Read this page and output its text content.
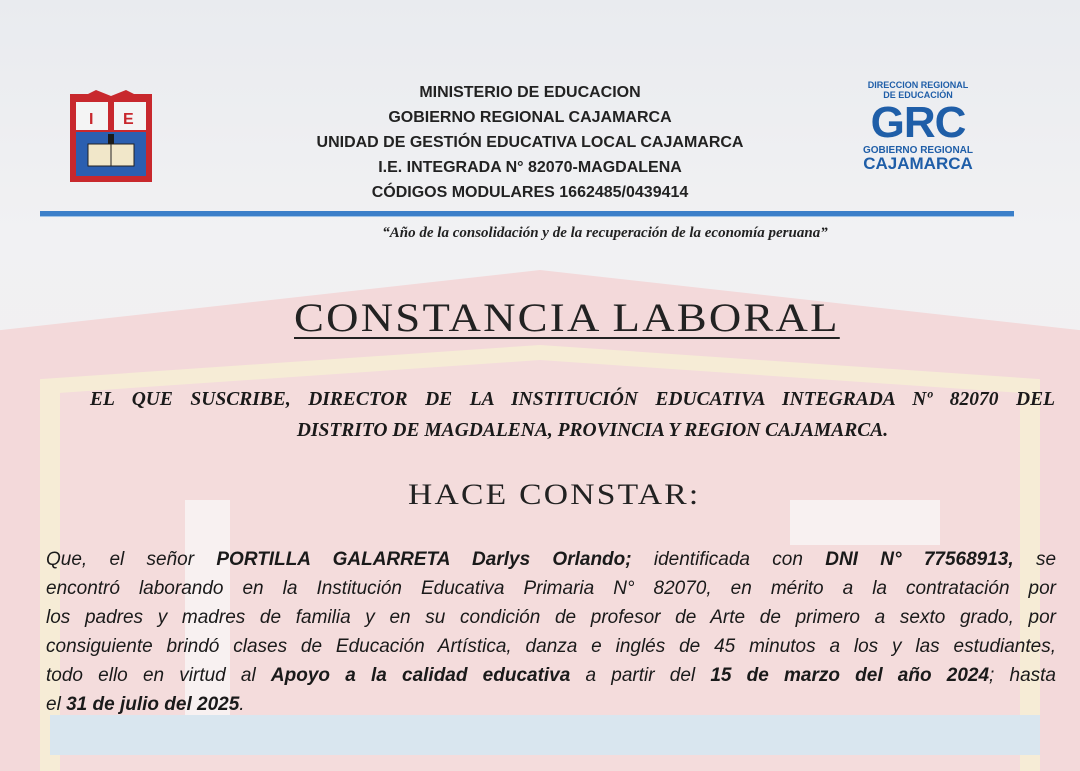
I E
MINISTERIO DE EDUCACION
GOBIERNO REGIONAL CAJAMARCA
UNIDAD DE GESTIÓN EDUCATIVA LOCAL CAJAMARCA
I.E. INTEGRADA N° 82070-MAGDALENA
CÓDIGOS MODULARES 1662485/0439414
DIRECCION REGIONAL
DE EDUCACIÓN
GRC
GOBIERNO REGIONAL
CAJAMARCA
“Año de la consolidación y de la recuperación de la economía peruana”
CONSTANCIA LABORAL
EL QUE SUSCRIBE, DIRECTOR DE LA INSTITUCIÓN EDUCATIVA INTEGRADA Nº 82070 DEL
DISTRITO DE MAGDALENA, PROVINCIA Y REGION CAJAMARCA.
HACE CONSTAR:
Que, el señor PORTILLA GALARRETA Darlys Orlando; identificada con DNI N° 77568913, se
encontró laborando en la Institución Educativa Primaria N° 82070, en mérito a la contratación por
los padres y madres de familia y en su condición de profesor de Arte de primero a sexto grado, por
consiguiente brindó clases de Educación Artística, danza e inglés de 45 minutos a los y las estudiantes,
todo ello en virtud al Apoyo a la calidad educativa a partir del 15 de marzo del año 2024; hasta
el 31 de julio del 2025.
